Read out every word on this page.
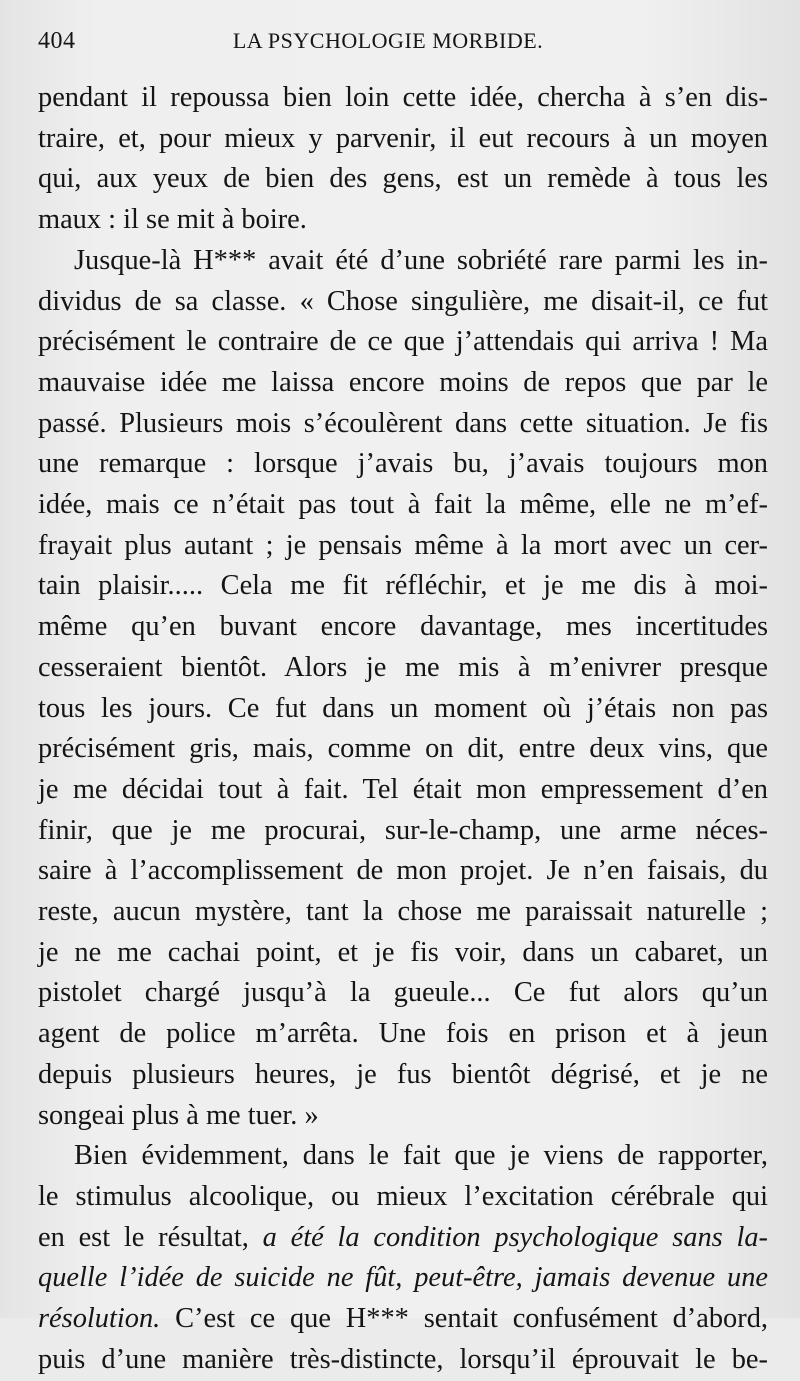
404	LA PSYCHOLOGIE MORBIDE.

pendant il repoussa bien loin cette idée, chercha à s’en dis-
traire, et, pour mieux y parvenir, il eut recours à un moyen
qui, aux yeux de bien des gens, est un remède à tous les
maux : il se mit à boire.

Jusque-là H*** avait été d’une sobriété rare parmi les in-
dividus de sa classe. « Chose singulière, me disait-il, ce fut
précisément le contraire de ce que j’attendais qui arriva ! Ma
mauvaise idée me laissa encore moins de repos que par le
passé. Plusieurs mois s’écoulèrent dans cette situation. Je fis
une remarque : lorsque j’avais bu, j’avais toujours mon
idée, mais ce n’était pas tout à fait la même, elle ne m’ef-
frayait plus autant ; je pensais même à la mort avec un cer-
tain plaisir..... Cela me fit réfléchir, et je me dis à moi-
même qu’en buvant encore davantage, mes incertitudes
cesseraient bientôt. Alors je me mis à m’enivrer presque
tous les jours. Ce fut dans un moment où j’étais non pas
précisément gris, mais, comme on dit, entre deux vins, que
je me décidai tout à fait. Tel était mon empressement d’en
finir, que je me procurai, sur-le-champ, une arme néces-
saire à l’accomplissement de mon projet. Je n’en faisais, du
reste, aucun mystère, tant la chose me paraissait naturelle ;
je ne me cachai point, et je fis voir, dans un cabaret, un
pistolet chargé jusqu’à la gueule... Ce fut alors qu’un
agent de police m’arrêta. Une fois en prison et à jeun
depuis plusieurs heures, je fus bientôt dégrisé, et je ne
songeai plus à me tuer. »

Bien évidemment, dans le fait que je viens de rapporter,
le stimulus alcoolique, ou mieux l’excitation cérébrale qui
en est le résultat, a été la condition psychologique sans la-
quelle l’idée de suicide ne fût, peut-être, jamais devenue une
résolution. C’est ce que H*** sentait confusément d’abord,
puis d’une manière très-distincte, lorsqu’il éprouvait le be-
